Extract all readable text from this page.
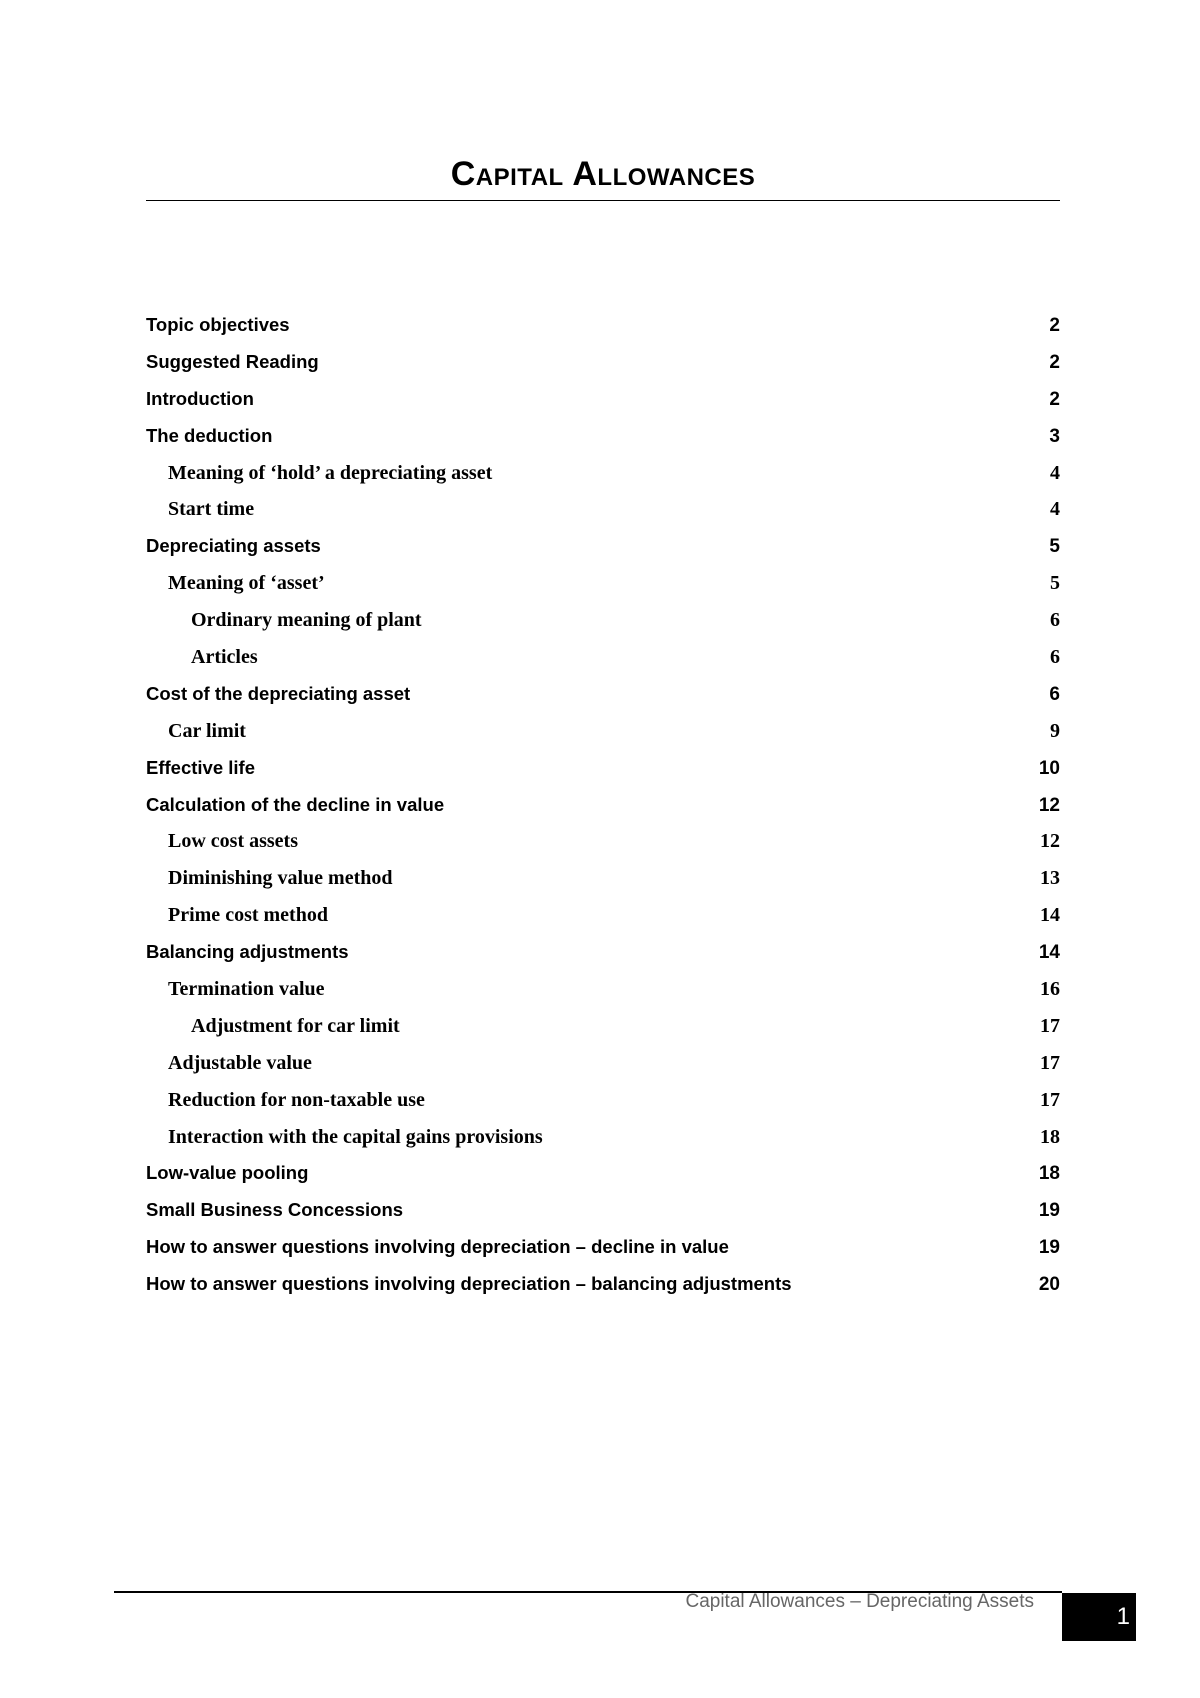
Capital Allowances
Topic objectives	2
Suggested Reading	2
Introduction	2
The deduction	3
Meaning of ‘hold’ a depreciating asset	4
Start time	4
Depreciating assets	5
Meaning of ‘asset’	5
Ordinary meaning of plant	6
Articles	6
Cost of the depreciating asset	6
Car limit	9
Effective life	10
Calculation of the decline in value	12
Low cost assets	12
Diminishing value method	13
Prime cost method	14
Balancing adjustments	14
Termination value	16
Adjustment for car limit	17
Adjustable value	17
Reduction for non-taxable use	17
Interaction with the capital gains provisions	18
Low-value pooling	18
Small Business Concessions	19
How to answer questions involving depreciation – decline in value	19
How to answer questions involving depreciation – balancing adjustments	20
Capital Allowances – Depreciating Assets
1
